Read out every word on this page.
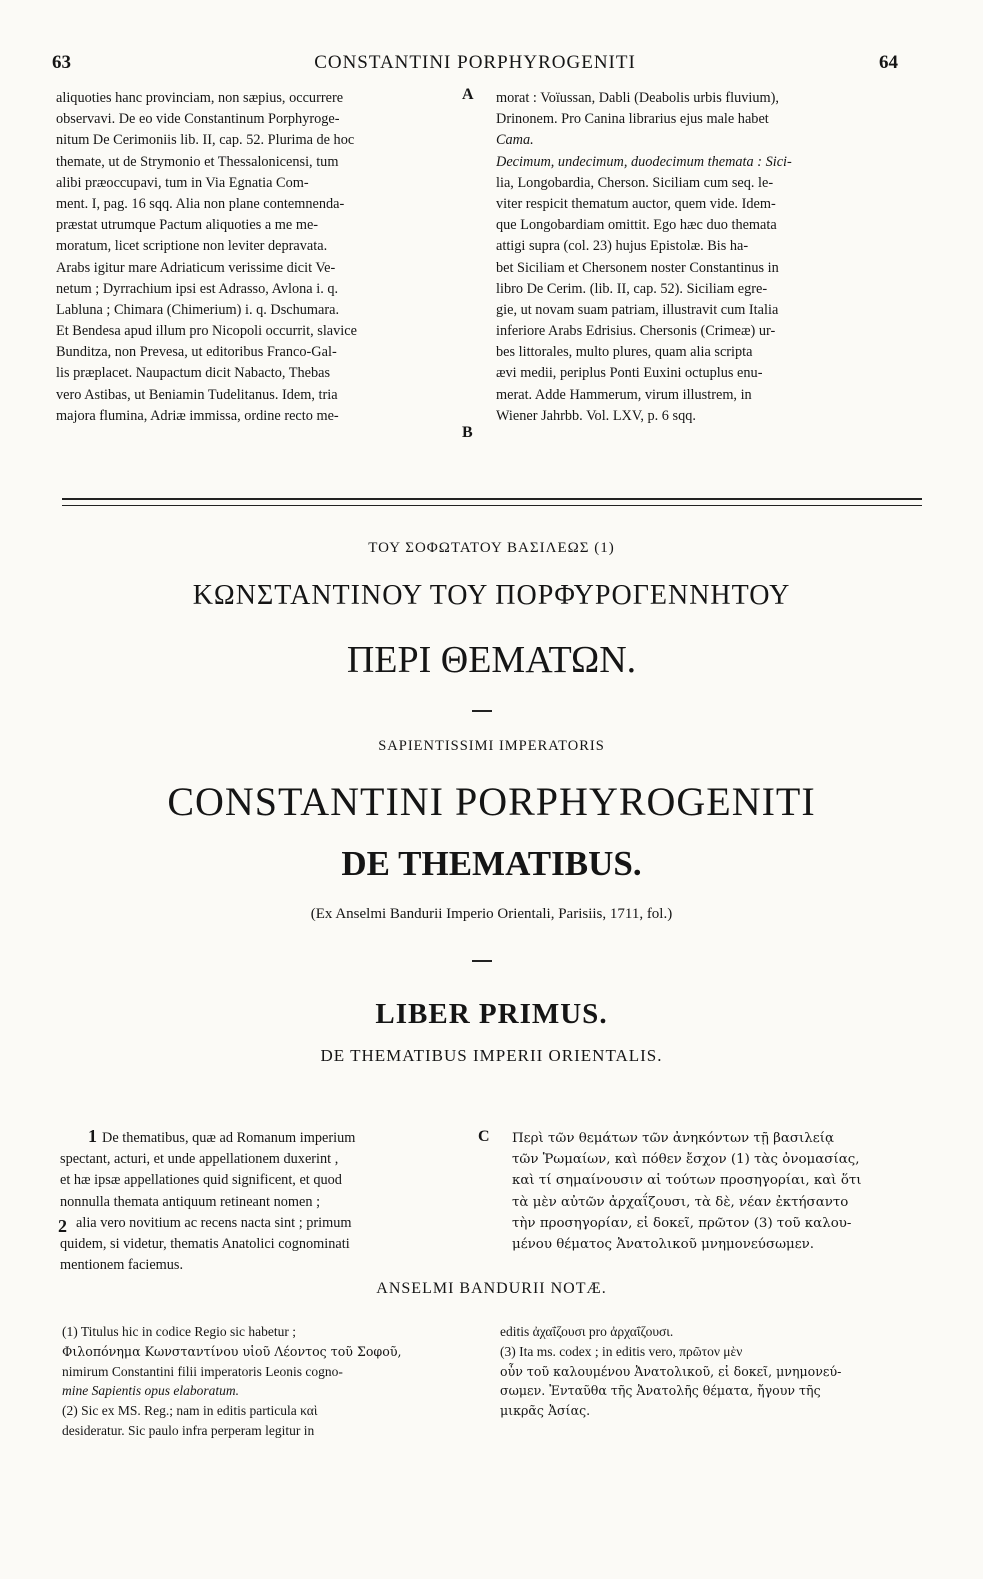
63	CONSTANTINI PORPHYROGENITI	64
aliquoties hanc provinciam, non sæpius, occurrere
observavi. De eo vide Constantinum Porphyroge-
nitum De Cerimoniis lib. II, cap. 52. Plurima de hoc
themate, ut de Strymonio et Thessalonicensi, tum
alibi præoccupavi, tum in Via Egnatia Com-
ment. I, pag. 16 sqq. Alia non plane contemnenda-
præstat utrumque Pactum aliquoties a me me-
moratum, licet scriptione non leviter depravata.
Arabs igitur mare Adriaticum verissime dicit Ve-
netum ; Dyrrachium ipsi est Adrasso, Avlona i. q.
Labluna ; Chimara (Chimerium) i. q. Dschumara.
Et Bendesa apud illum pro Nicopoli occurrit, slavice
Bunditza, non Prevesa, ut editoribus Franco-Gal-
lis præplacet. Naupactum dicit Nabacto, Thebas
vero Astibas, ut Beniamin Tudelitanus. Idem, tria
majora flumina, Adriæ immissa, ordine recto me-
A
B
morat : Voïussan, Dabli (Deabolis urbis fluvium),
Drinonem. Pro Canina librarius ejus male habet
Cama.
Decimum, undecimum, duodecimum themata : Sici-
lia, Longobardia, Cherson. Siciliam cum seq. le-
viter respicit thematum auctor, quem vide. Idem-
que Longobardiam omittit. Ego hæc duo themata
attigi supra (col. 23) hujus Epistolæ. Bis ha-
bet Siciliam et Chersonem noster Constantinus in
libro De Cerim. (lib. II, cap. 52). Siciliam egre-
gie, ut novam suam patriam, illustravit cum Italia
inferiore Arabs Edrisius. Chersonis (Crimeæ) ur-
bes littorales, multo plures, quam alia scripta
ævi medii, periplus Ponti Euxini octuplus enu-
merat. Adde Hammerum, virum illustrem, in
Wiener Jahrbb. Vol. LXV, p. 6 sqq.
ΤΟΥ ΣΟΦΩΤΑΤΟΥ ΒΑΣΙΛΕΩΣ (1)
ΚΩΝΣΤΑΝΤΙΝΟΥ ΤΟΥ ΠΟΡΦΥΡΟΓΕΝΝΗΤΟΥ
ΠΕΡΙ ΘΕΜΑΤΩΝ.
SAPIENTISSIMI IMPERATORIS
CONSTANTINI PORPHYROGENITI
DE THEMATIBUS.
(Ex Anselmi Bandurii Imperio Orientali, Parisiis, 1711, fol.)
LIBER PRIMUS.
DE THEMATIBUS IMPERII ORIENTALIS.
1
2
De thematibus, quæ ad Romanum imperium
spectant, acturi, et unde appellationem duxerint ,
et hæ ipsæ appellationes quid significent, et quod
nonnulla themata antiquum retineant nomen ;
alia vero novitium ac recens nacta sint ; primum
quidem, si videtur, thematis Anatolici cognominati
mentionem faciemus.
C Περὶ τῶν θεμάτων τῶν ἀνηκόντων τῇ βασιλείᾳ
τῶν Ῥωμαίων, καὶ πόθεν ἔσχον (1) τὰς ὀνομασίας,
καὶ τί σημαίνουσιν αἱ τούτων προσηγορίαι, καὶ ὅτι
τὰ μὲν αὐτῶν ἀρχαΐζουσι, τὰ δὲ, νέαν ἐκτήσαντο
τὴν προσηγορίαν, εἰ δοκεῖ, πρῶτον (3) τοῦ καλου-
μένου θέματος Ἀνατολικοῦ μνημονεύσωμεν.
ANSELMI BANDURII NOTÆ.
(1) Titulus hic in codice Regio sic habetur ;
Φιλοπόνημα Κωνσταντίνου υἱοῦ Λέοντος τοῦ Σοφοῦ,
nimirum Constantini filii imperatoris Leonis cogno-
mine Sapientis opus elaboratum.
(2) Sic ex MS. Reg.; nam in editis particula καὶ
desideratur. Sic paulo infra perperam legitur in
editis ἀχαΐζουσι pro ἀρχαΐζουσι.
(3) Ita ms. codex ; in editis vero, πρῶτον μὲν
οὖν τοῦ καλουμένου Ἀνατολικοῦ, εἰ δοκεῖ, μνημονεύ-
σωμεν. Ἐνταῦθα τῆς Ἀνατολῆς θέματα, ἤγουν τῆς
μικρᾶς Ἀσίας.
